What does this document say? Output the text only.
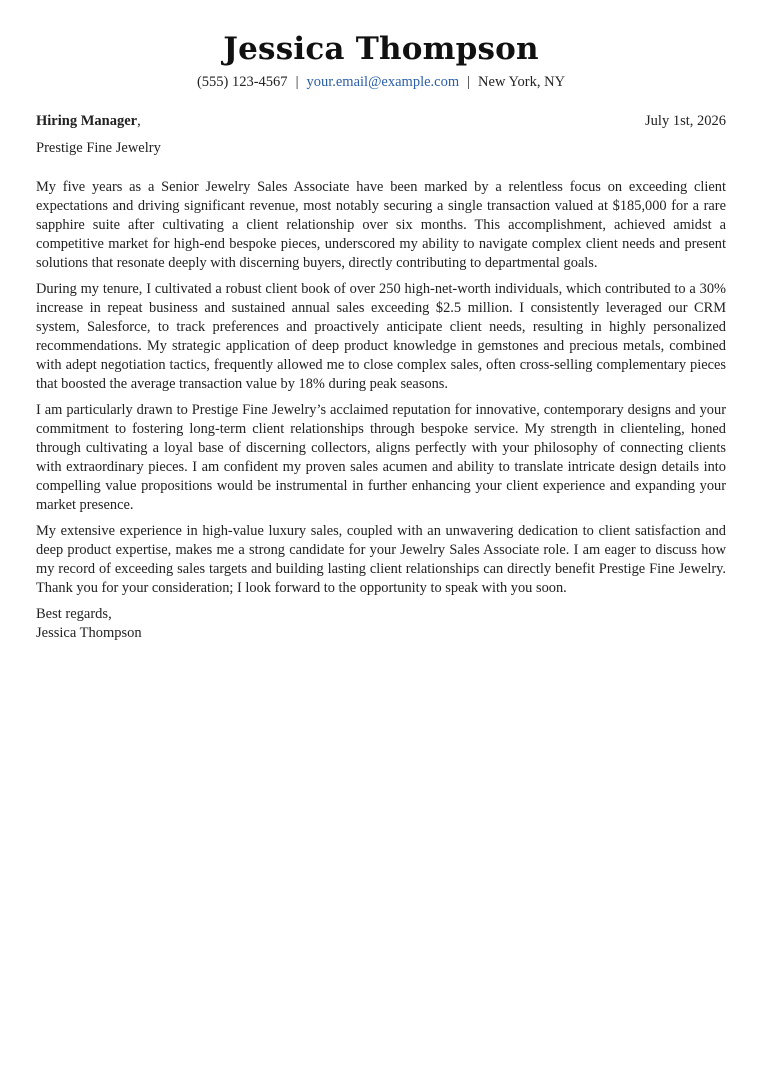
Jessica Thompson
(555) 123-4567 | your.email@example.com | New York, NY
Hiring Manager,	July 1st, 2026
Prestige Fine Jewelry

My five years as a Senior Jewelry Sales Associate have been marked by a relentless focus on exceeding client expectations and driving significant revenue, most notably securing a single transaction valued at $185,000 for a rare sapphire suite after cultivating a client relationship over six months. This accomplishment, achieved amidst a competitive market for high-end bespoke pieces, underscored my ability to navigate complex client needs and present solutions that resonate deeply with discerning buyers, directly contributing to departmental goals.

During my tenure, I cultivated a robust client book of over 250 high-net-worth individuals, which contributed to a 30% increase in repeat business and sustained annual sales exceeding $2.5 million. I consistently leveraged our CRM system, Salesforce, to track preferences and proactively anticipate client needs, resulting in highly personalized recommendations. My strategic application of deep product knowledge in gemstones and precious metals, combined with adept negotiation tactics, frequently allowed me to close complex sales, often cross-selling complementary pieces that boosted the average transaction value by 18% during peak seasons.

I am particularly drawn to Prestige Fine Jewelry’s acclaimed reputation for innovative, contemporary designs and your commitment to fostering long-term client relationships through bespoke service. My strength in clienteling, honed through cultivating a loyal base of discerning collectors, aligns perfectly with your philosophy of connecting clients with extraordinary pieces. I am confident my proven sales acumen and ability to translate intricate design details into compelling value propositions would be instrumental in further enhancing your client experience and expanding your market presence.

My extensive experience in high-value luxury sales, coupled with an unwavering dedication to client satisfaction and deep product expertise, makes me a strong candidate for your Jewelry Sales Associate role. I am eager to discuss how my record of exceeding sales targets and building lasting client relationships can directly benefit Prestige Fine Jewelry. Thank you for your consideration; I look forward to the opportunity to speak with you soon.

Best regards,
Jessica Thompson
